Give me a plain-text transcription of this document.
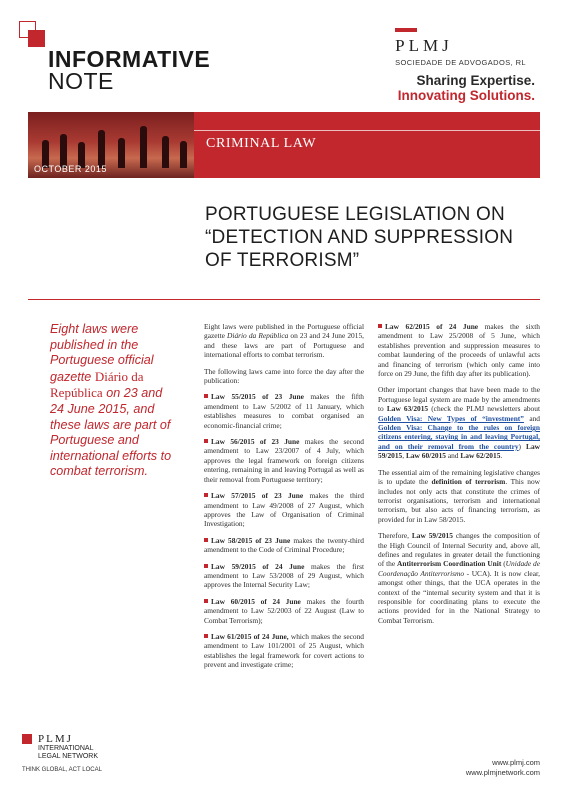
INFORMATIVE
NOTE
PLMJ
SOCIEDADE DE ADVOGADOS, RL
Sharing Expertise.
Innovating Solutions.
OCTOBER 2015
CRIMINAL LAW
PORTUGUESE LEGISLATION ON “DETECTION AND SUPPRESSION OF TERRORISM”
Eight laws were published in the Portuguese official gazette Diário da República on 23 and 24 June 2015, and these laws are part of Portuguese and international efforts to combat terrorism.

Eight laws were published in the Portuguese official gazette Diário da República on 23 and 24 June 2015, and these laws are part of Portuguese and international efforts to combat terrorism.

The following laws came into force the day after the publication:

Law 55/2015 of 23 June makes the fifth amendment to Law 5/2002 of 11 January, which establishes measures to combat organised an economic-financial crime;

Law 56/2015 of 23 June makes the second amendment to Law 23/2007 of 4 July, which approves the legal framework on foreign citizens entering, remaining in and leaving Portugal as well as their removal from Portuguese territory;

Law 57/2015 of 23 June makes the third amendment to Law 49/2008 of 27 August, which approves the Law of Organisation of Criminal Investigation;

Law 58/2015 of 23 June makes the twenty-third amendment to the Code of Criminal Procedure;

Law 59/2015 of 24 June makes the first amendment to Law 53/2008 of 29 August, which approves the Internal Security Law;

Law 60/2015 of 24 June makes the fourth amendment to Law 52/2003 of 22 August (Law to Combat Terrorism);

Law 61/2015 of 24 June, which makes the second amendment to Law 101/2001 of 25 August, which establishes the legal framework for covert actions to prevent and investigate crime;

Law 62/2015 of 24 June makes the sixth amendment to Law 25/2008 of 5 June, which establishes prevention and suppression measures to combat laundering of the proceeds of unlawful acts and financing of terrorism (which only came into force on 29 June, the fifth day after its publication).

Other important changes that have been made to the Portuguese legal system are made by the amendments to Law 63/2015 (check the PLMJ newsletters about Golden Visa: New Types of “investment” and Golden Visa: Change to the rules on foreign citizens entering, staying in and leaving Portugal, and on their removal from the country) Law 59/2015, Law 60/2015 and Law 62/2015.

The essential aim of the remaining legislative changes is to update the definition of terrorism. This now includes not only acts that constitute the crimes of terrorist organisations, terrorism and international terrorism, but also acts of financing terrorism, as provided for in Law 58/2015.

Therefore, Law 59/2015 changes the composition of the High Council of Internal Security and, above all, defines and regulates in greater detail the functioning of the Antiterrorism Coordination Unit (Unidade de Coordenação Antiterrorismo - UCA). It is now clear, amongst other things, that the UCA operates in the context of the “internal security system and that it is responsible for coordinating plans to execute the actions provided for in the National Strategy to Combat Terrorism.

PLMJ
INTERNATIONAL
LEGAL NETWORK
THINK GLOBAL, ACT LOCAL
www.plmj.com
www.plmjnetwork.com
